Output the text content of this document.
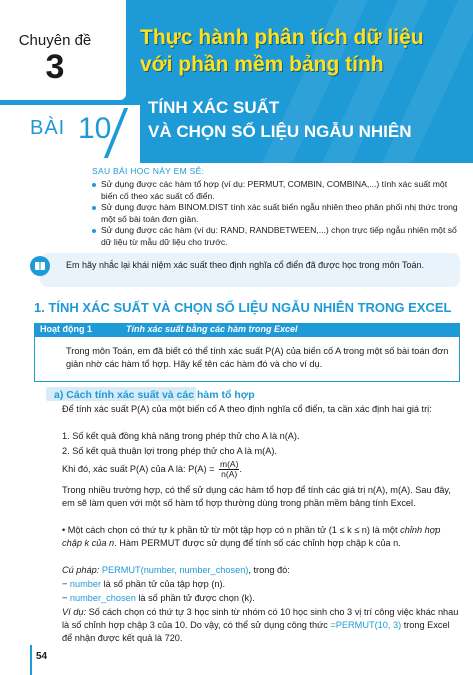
Chuyên đề
3
Thực hành phân tích dữ liệu
với phần mềm bảng tính
BÀI 10
TÍNH XÁC SUẤT
VÀ CHỌN SỐ LIỆU NGẪU NHIÊN
SAU BÀI HỌC NÀY EM SẼ:
Sử dụng được các hàm tổ hợp (ví dụ: PERMUT, COMBIN, COMBINA,...) tính xác suất một biến cố theo xác suất cổ điển.
Sử dụng được hàm BINOM.DIST tính xác suất biến ngẫu nhiên theo phân phối nhị thức trong một số bài toán đơn giản.
Sử dụng được các hàm (ví dụ: RAND, RANDBETWEEN,...) chọn trực tiếp ngẫu nhiên một số dữ liệu từ mẫu dữ liệu cho trước.
Em hãy nhắc lại khái niệm xác suất theo định nghĩa cổ điển đã được học trong môn Toán.
1. TÍNH XÁC SUẤT VÀ CHỌN SỐ LIỆU NGẪU NHIÊN TRONG EXCEL
Hoạt động 1	Tính xác suất bằng các hàm trong Excel
Trong môn Toán, em đã biết có thể tính xác suất P(A) của biến cố A trong một số bài toán đơn giản nhờ các hàm tổ hợp. Hãy kể tên các hàm đó và cho ví dụ.
a) Cách tính xác suất và các hàm tổ hợp

Để tính xác suất P(A) của một biến cố A theo định nghĩa cổ điển, ta cần xác định hai giá trị:

1. Số kết quả đồng khả năng trong phép thử cho A là n(A).

2. Số kết quả thuận lợi trong phép thử cho A là m(A).

Khi đó, xác suất P(A) của A là: $P(A) = \frac{m(A)}{n(A)}$ .

Trong nhiều trường hợp, có thể sử dụng các hàm tổ hợp để tính các giá trị n(A), m(A). Sau đây, em sẽ làm quen với một số hàm tổ hợp thường dùng trong phần mềm bảng tính Excel.

• Một cách chọn có thứ tự k phần tử từ một tập hợp có n phần tử (1 ≤ k ≤ n) là một chỉnh hợp chập k của n. Hàm PERMUT được sử dụng để tính số các chỉnh hợp chập k của n.

Cú pháp: PERMUT(number, number_chosen), trong đó:

− number là số phần tử của tập hợp (n).

− number_chosen là số phần tử được chọn (k).

Ví dụ: Số cách chọn có thứ tự 3 học sinh từ nhóm có 10 học sinh cho 3 vị trí công việc khác nhau là số chỉnh hợp chập 3 của 10. Do vậy, có thể sử dụng công thức =PERMUT(10, 3) trong Excel để nhận được kết quả là 720.

54
